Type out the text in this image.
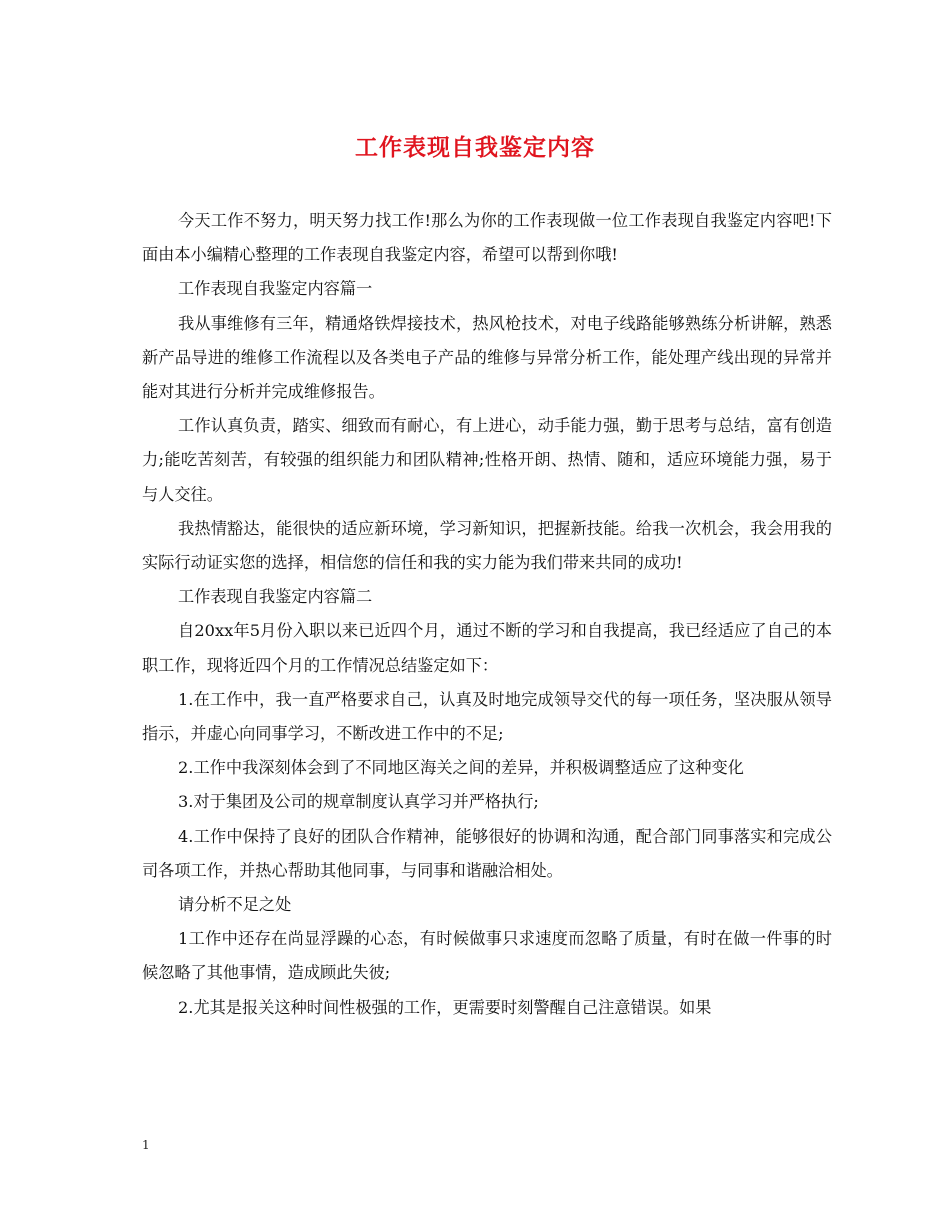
工作表现自我鉴定内容

今天工作不努力，明天努力找工作!那么为你的工作表现做一位工作表现自我鉴定内容吧!下面由本小编精心整理的工作表现自我鉴定内容，希望可以帮到你哦!

工作表现自我鉴定内容篇一

我从事维修有三年，精通烙铁焊接技术，热风枪技术，对电子线路能够熟练分析讲解，熟悉新产品导进的维修工作流程以及各类电子产品的维修与异常分析工作，能处理产线出现的异常并能对其进行分析并完成维修报告。

工作认真负责，踏实、细致而有耐心，有上进心，动手能力强，勤于思考与总结，富有创造力;能吃苦刻苦，有较强的组织能力和团队精神;性格开朗、热情、随和，适应环境能力强，易于与人交往。

我热情豁达，能很快的适应新环境，学习新知识，把握新技能。给我一次机会，我会用我的实际行动证实您的选择，相信您的信任和我的实力能为我们带来共同的成功!

工作表现自我鉴定内容篇二

自20xx年5月份入职以来已近四个月，通过不断的学习和自我提高，我已经适应了自己的本职工作，现将近四个月的工作情况总结鉴定如下：

1.在工作中，我一直严格要求自己，认真及时地完成领导交代的每一项任务，坚决服从领导指示，并虚心向同事学习，不断改进工作中的不足;

2.工作中我深刻体会到了不同地区海关之间的差异，并积极调整适应了这种变化

3.对于集团及公司的规章制度认真学习并严格执行;

4.工作中保持了良好的团队合作精神，能够很好的协调和沟通，配合部门同事落实和完成公司各项工作，并热心帮助其他同事，与同事和谐融洽相处。

请分析不足之处

1工作中还存在尚显浮躁的心态，有时候做事只求速度而忽略了质量，有时在做一件事的时候忽略了其他事情，造成顾此失彼;

2.尤其是报关这种时间性极强的工作，更需要时刻警醒自己注意错误。如果

1
